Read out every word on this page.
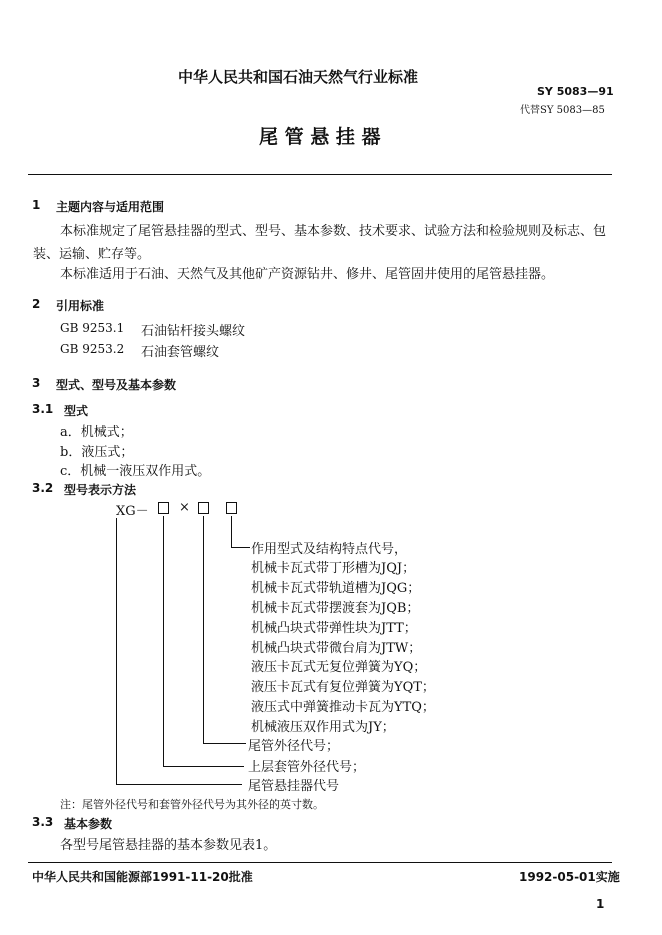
中华人民共和国石油天然气行业标准
SY 5083—91
代替SY 5083—85
尾 管 悬 挂 器
1 主题内容与适用范围
本标准规定了尾管悬挂器的型式、型号、基本参数、技术要求、试验方法和检验规则及标志、包
装、运输、贮存等。
本标准适用于石油、天然气及其他矿产资源钻井、修井、尾管固井使用的尾管悬挂器。
2 引用标准
GB 9253.1 石油钻杆接头螺纹
GB 9253.2 石油套管螺纹
3 型式、型号及基本参数
3.1 型式
a．机械式；
b．液压式；
c．机械一液压双作用式。
3.2 型号表示方法
XG－ ×
作用型式及结构特点代号，
机械卡瓦式带丁形槽为JQJ；
机械卡瓦式带轨道槽为JQG；
机械卡瓦式带摆渡套为JQB；
机械凸块式带弹性块为JTT；
机械凸块式带微台肩为JTW；
液压卡瓦式无复位弹簧为YQ；
液压卡瓦式有复位弹簧为YQT；
液压式中弹簧推动卡瓦为YTQ；
机械液压双作用式为JY；
尾管外径代号；
上层套管外径代号；
尾管悬挂器代号
注：尾管外径代号和套管外径代号为其外径的英寸数。
3.3 基本参数
各型号尾管悬挂器的基本参数见表1。
中华人民共和国能源部1991-11-20批准	1992-05-01实施
1
